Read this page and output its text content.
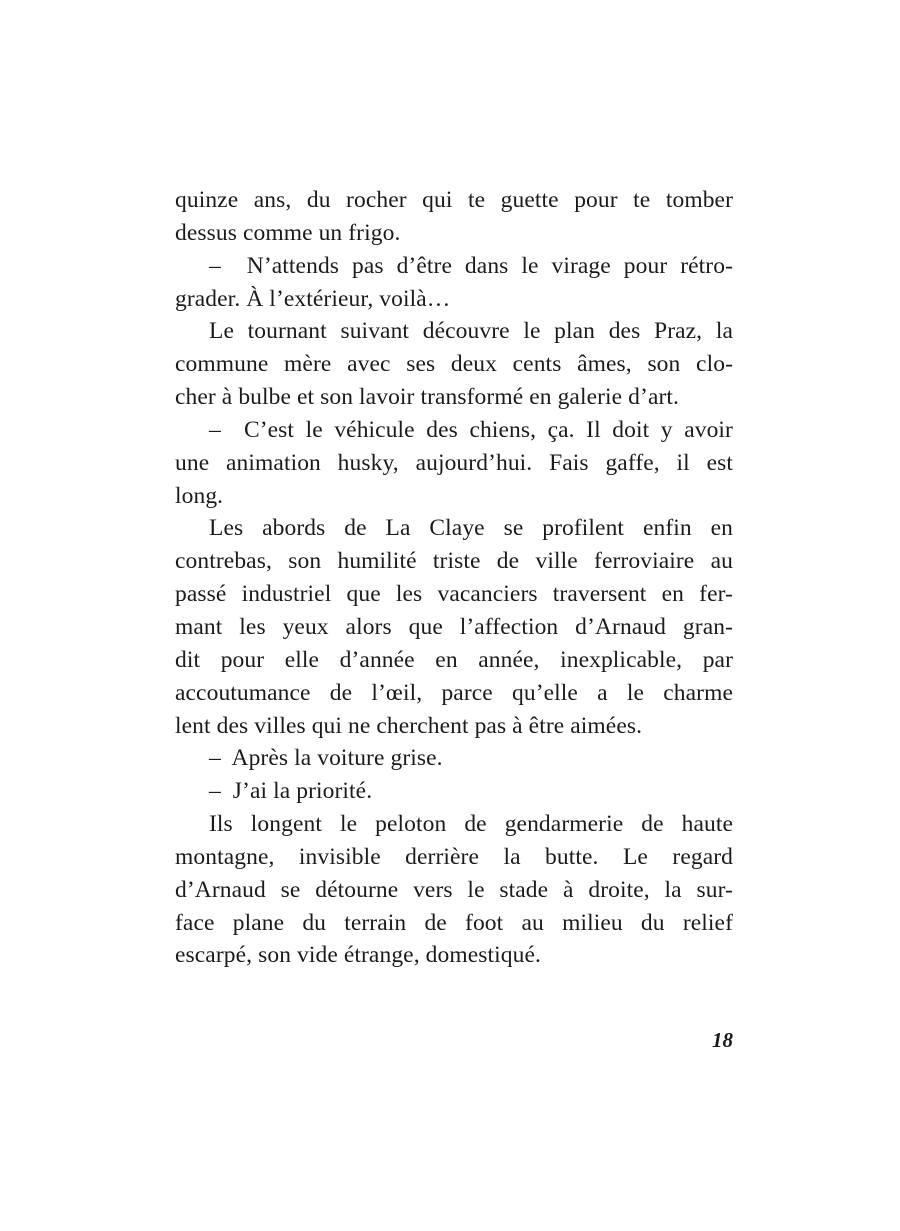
quinze ans, du rocher qui te guette pour te tomber
dessus comme un frigo.
–  N’attends pas d’être dans le virage pour rétro-
grader. À l’extérieur, voilà…
Le tournant suivant découvre le plan des Praz, la
commune mère avec ses deux cents âmes, son clo-
cher à bulbe et son lavoir transformé en galerie d’art.
–  C’est le véhicule des chiens, ça. Il doit y avoir
une animation husky, aujourd’hui. Fais gaffe, il est
long.
Les abords de La Claye se profilent enfin en
contrebas, son humilité triste de ville ferroviaire au
passé industriel que les vacanciers traversent en fer-
mant les yeux alors que l’affection d’Arnaud gran-
dit pour elle d’année en année, inexplicable, par
accoutumance de l’œil, parce qu’elle a le charme
lent des villes qui ne cherchent pas à être aimées.
–  Après la voiture grise.
–  J’ai la priorité.
Ils longent le peloton de gendarmerie de haute
montagne, invisible derrière la butte. Le regard
d’Arnaud se détourne vers le stade à droite, la sur-
face plane du terrain de foot au milieu du relief
escarpé, son vide étrange, domestiqué.
18
